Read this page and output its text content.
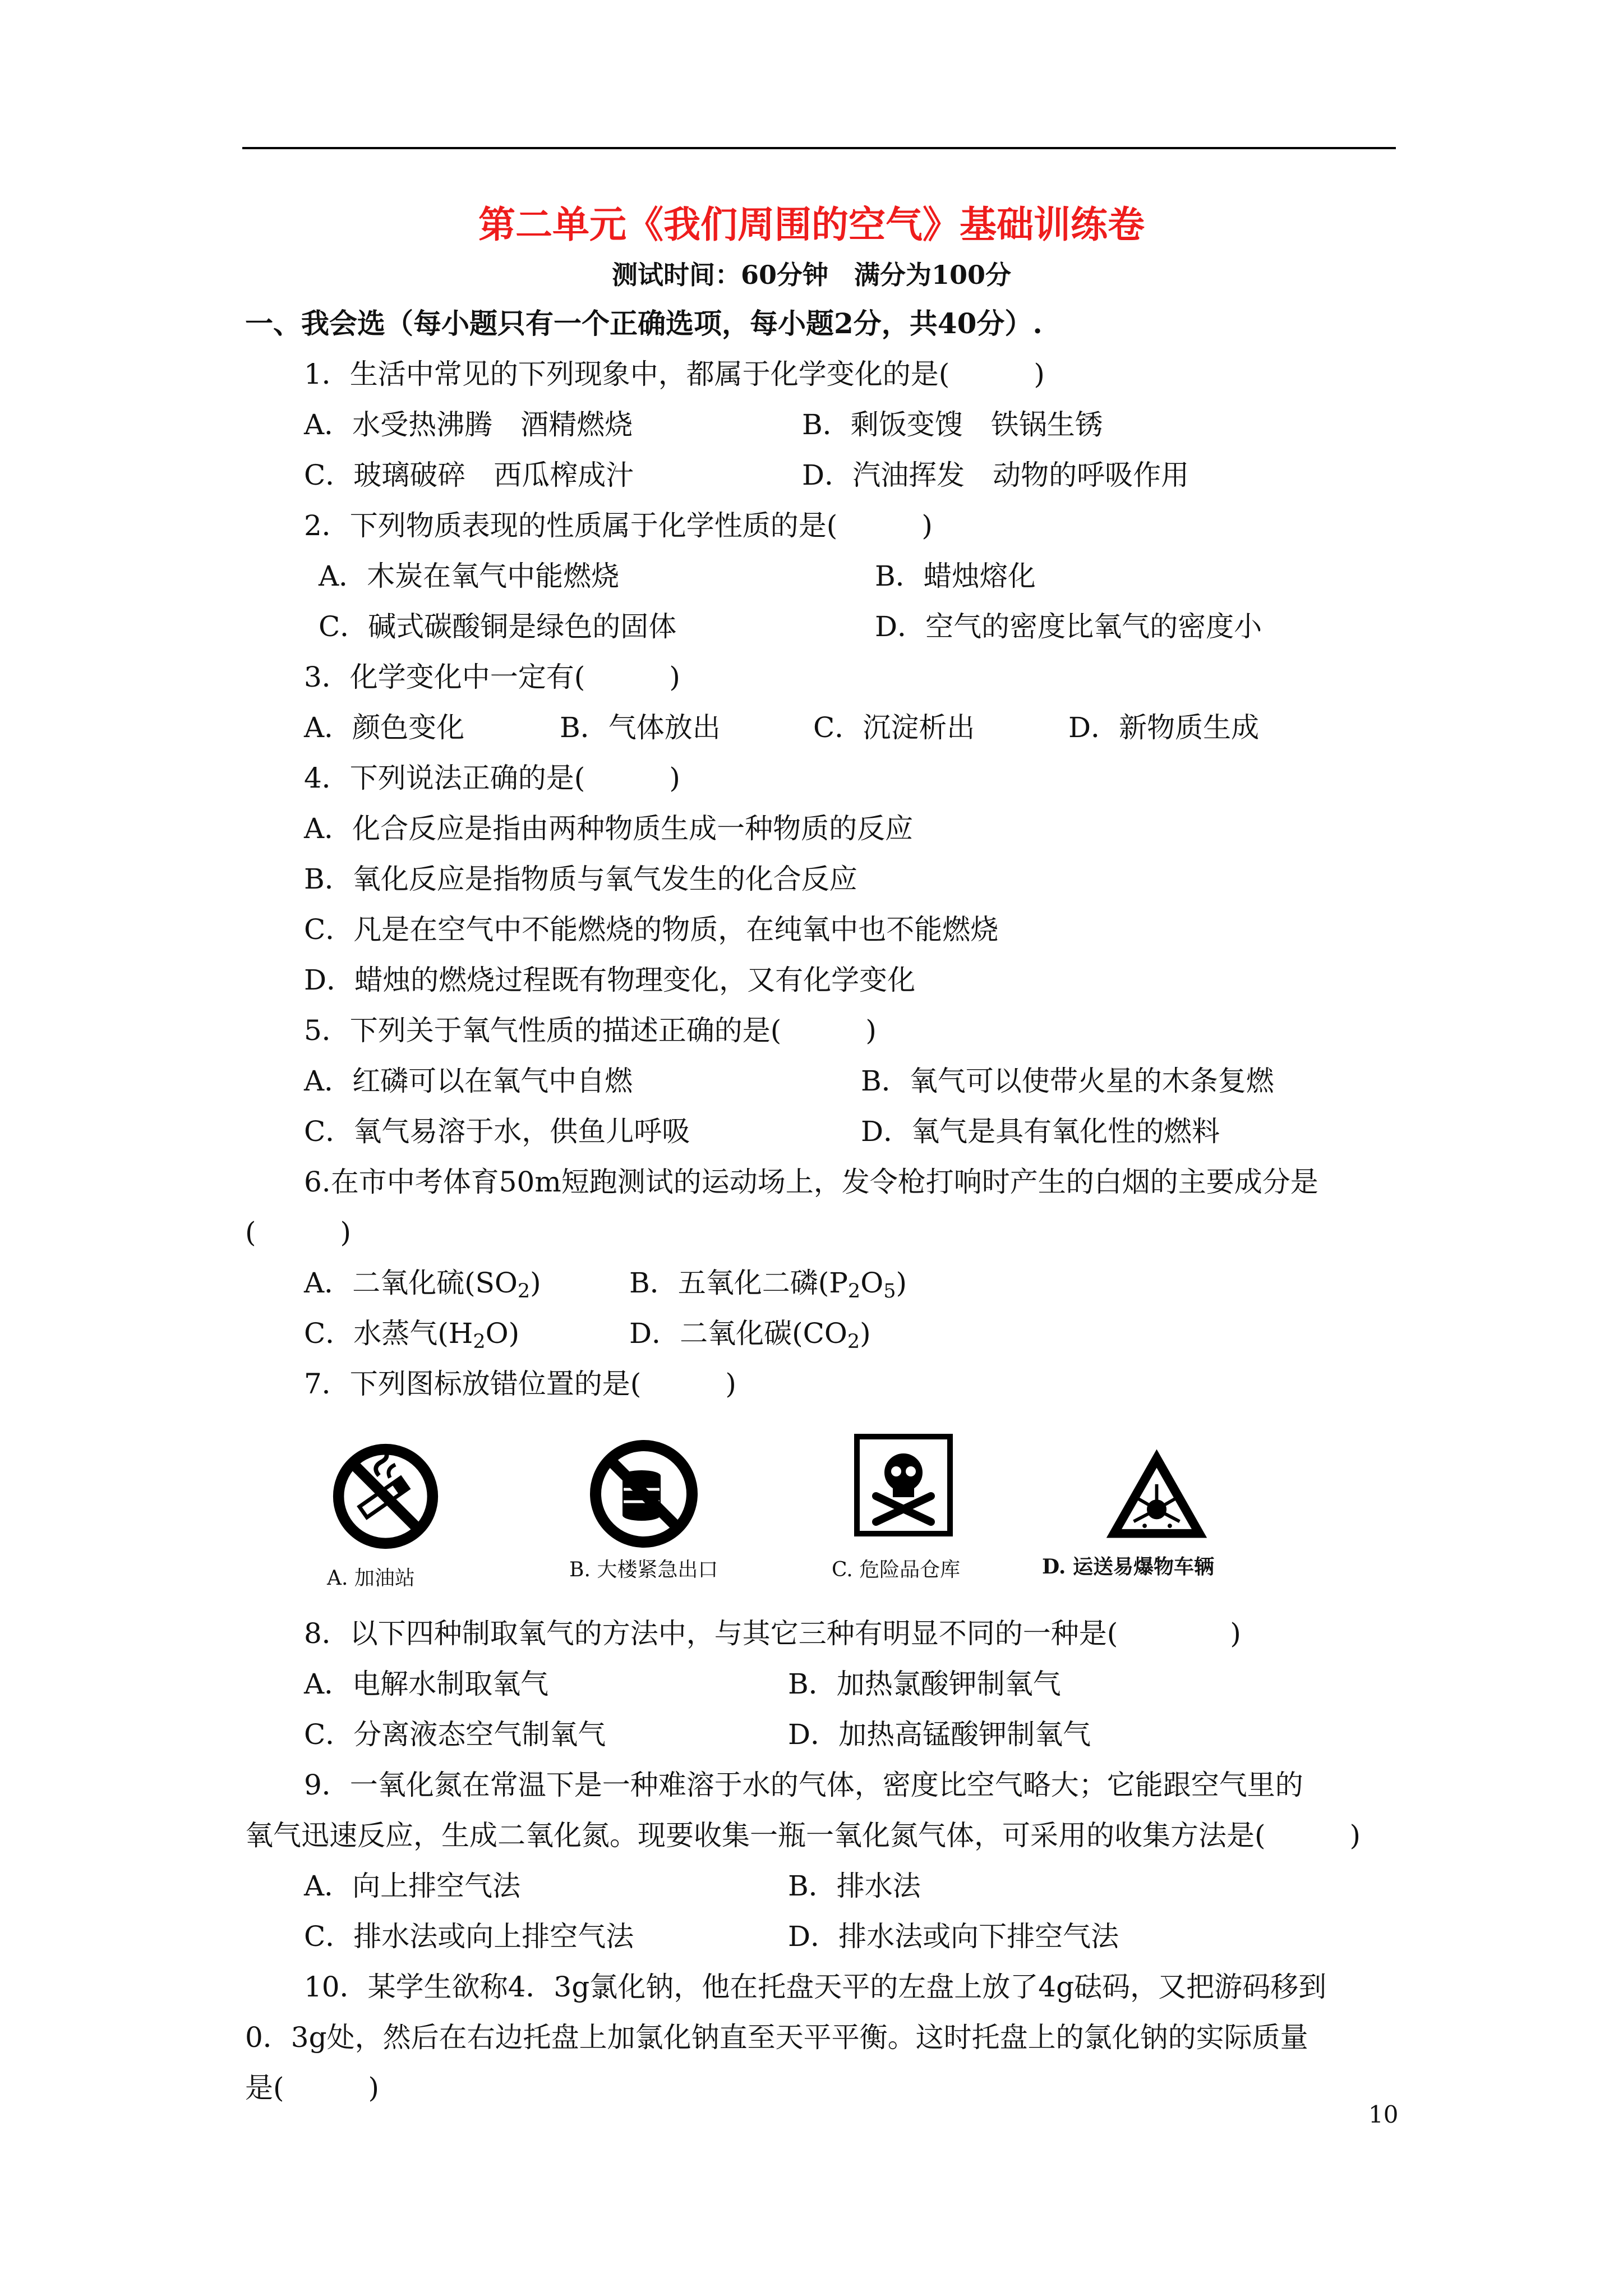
第二单元《我们周围的空气》基础训练卷
测试时间：60分钟　满分为100分
一、我会选（每小题只有一个正确选项，每小题2分，共40分）.
1．生活中常见的下列现象中，都属于化学变化的是(　　　)
A．水受热沸腾　酒精燃烧	B．剩饭变馊　铁锅生锈
C．玻璃破碎　西瓜榨成汁	D．汽油挥发　动物的呼吸作用
2．下列物质表现的性质属于化学性质的是(　　　)
A．木炭在氧气中能燃烧	B．蜡烛熔化
C．碱式碳酸铜是绿色的固体	D．空气的密度比氧气的密度小
3．化学变化中一定有(　　　)
A．颜色变化	B．气体放出	C．沉淀析出	D．新物质生成
4．下列说法正确的是(　　　)
A．化合反应是指由两种物质生成一种物质的反应
B．氧化反应是指物质与氧气发生的化合反应
C．凡是在空气中不能燃烧的物质，在纯氧中也不能燃烧
D．蜡烛的燃烧过程既有物理变化，又有化学变化
5．下列关于氧气性质的描述正确的是(　　　)
A．红磷可以在氧气中自燃	B．氧气可以使带火星的木条复燃
C．氧气易溶于水，供鱼儿呼吸	D．氧气是具有氧化性的燃料
6.在市中考体育50m短跑测试的运动场上，发令枪打响时产生的白烟的主要成分是
(　　　)
A．二氧化硫$(SO_2)$	B．五氧化二磷$(P_2O_5)$
C．水蒸气$(H_2O)$	D．二氧化碳$(CO_2)$
7．下列图标放错位置的是(　　　)
A. 加油站	B. 大楼紧急出口	C. 危险品仓库	D. 运送易爆物车辆
8．以下四种制取氧气的方法中，与其它三种有明显不同的一种是(　　　　)
A．电解水制取氧气	B．加热氯酸钾制氧气
C．分离液态空气制氧气	D．加热高锰酸钾制氧气
9．一氧化氮在常温下是一种难溶于水的气体，密度比空气略大；它能跟空气里的
氧气迅速反应，生成二氧化氮。现要收集一瓶一氧化氮气体，可采用的收集方法是(　　　)
A．向上排空气法	B．排水法
C．排水法或向上排空气法	D．排水法或向下排空气法
10．某学生欲称4．3g氯化钠，他在托盘天平的左盘上放了4g砝码，又把游码移到
0．3g处，然后在右边托盘上加氯化钠直至天平平衡。这时托盘上的氯化钠的实际质量
是(　　　)
10
